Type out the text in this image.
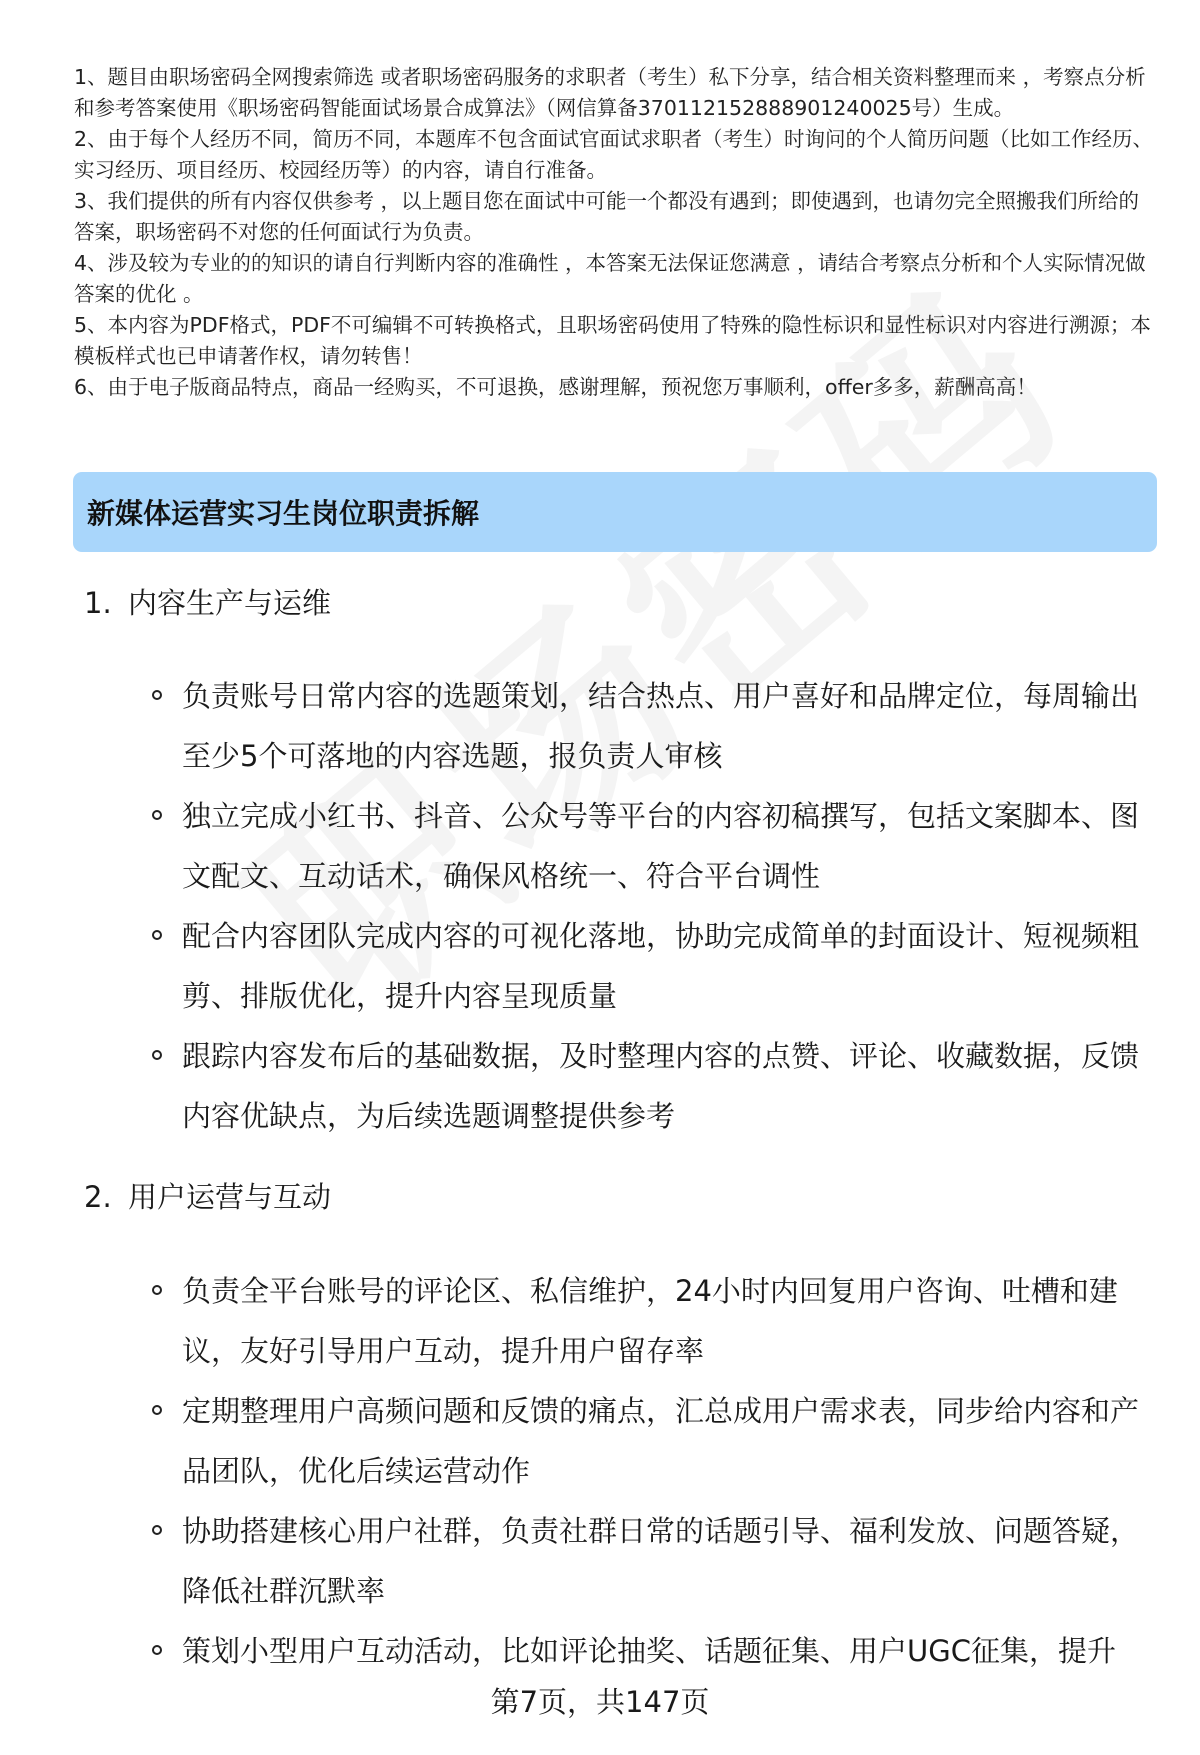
1、题目由职场密码全网搜索筛选 或者职场密码服务的求职者（考生）私下分享，结合相关资料整理而来 ，考察点分析和参考答案使用《职场密码智能面试场景合成算法》（网信算备370112152888901240025号）生成。

2、由于每个人经历不同，简历不同，本题库不包含面试官面试求职者（考生）时询问的个人简历问题（比如工作经历、实习经历、项目经历、校园经历等）的内容，请自行准备。

3、我们提供的所有内容仅供参考 ，以上题目您在面试中可能一个都没有遇到；即使遇到，也请勿完全照搬我们所给的答案，职场密码不对您的任何面试行为负责。

4、涉及较为专业的的知识的请自行判断内容的准确性 ，本答案无法保证您满意 ，请结合考察点分析和个人实际情况做答案的优化 。

5、本内容为PDF格式，PDF不可编辑不可转换格式，且职场密码使用了特殊的隐性标识和显性标识对内容进行溯源；本模板样式也已申请著作权，请勿转售！

6、由于电子版商品特点，商品一经购买，不可退换，感谢理解，预祝您万事顺利，offer多多，薪酬高高！

新媒体运营实习生岗位职责拆解
1. 内容生产与运维
负责账号日常内容的选题策划，结合热点、用户喜好和品牌定位，每周输出至少5个可落地的内容选题，报负责人审核
独立完成小红书、抖音、公众号等平台的内容初稿撰写，包括文案脚本、图文配文、互动话术，确保风格统一、符合平台调性
配合内容团队完成内容的可视化落地，协助完成简单的封面设计、短视频粗剪、排版优化，提升内容呈现质量
跟踪内容发布后的基础数据，及时整理内容的点赞、评论、收藏数据，反馈内容优缺点，为后续选题调整提供参考
2. 用户运营与互动
负责全平台账号的评论区、私信维护，24小时内回复用户咨询、吐槽和建议，友好引导用户互动，提升用户留存率
定期整理用户高频问题和反馈的痛点，汇总成用户需求表，同步给内容和产品团队，优化后续运营动作
协助搭建核心用户社群，负责社群日常的话题引导、福利发放、问题答疑，降低社群沉默率
策划小型用户互动活动，比如评论抽奖、话题征集、用户UGC征集，提升
第7页，共147页
